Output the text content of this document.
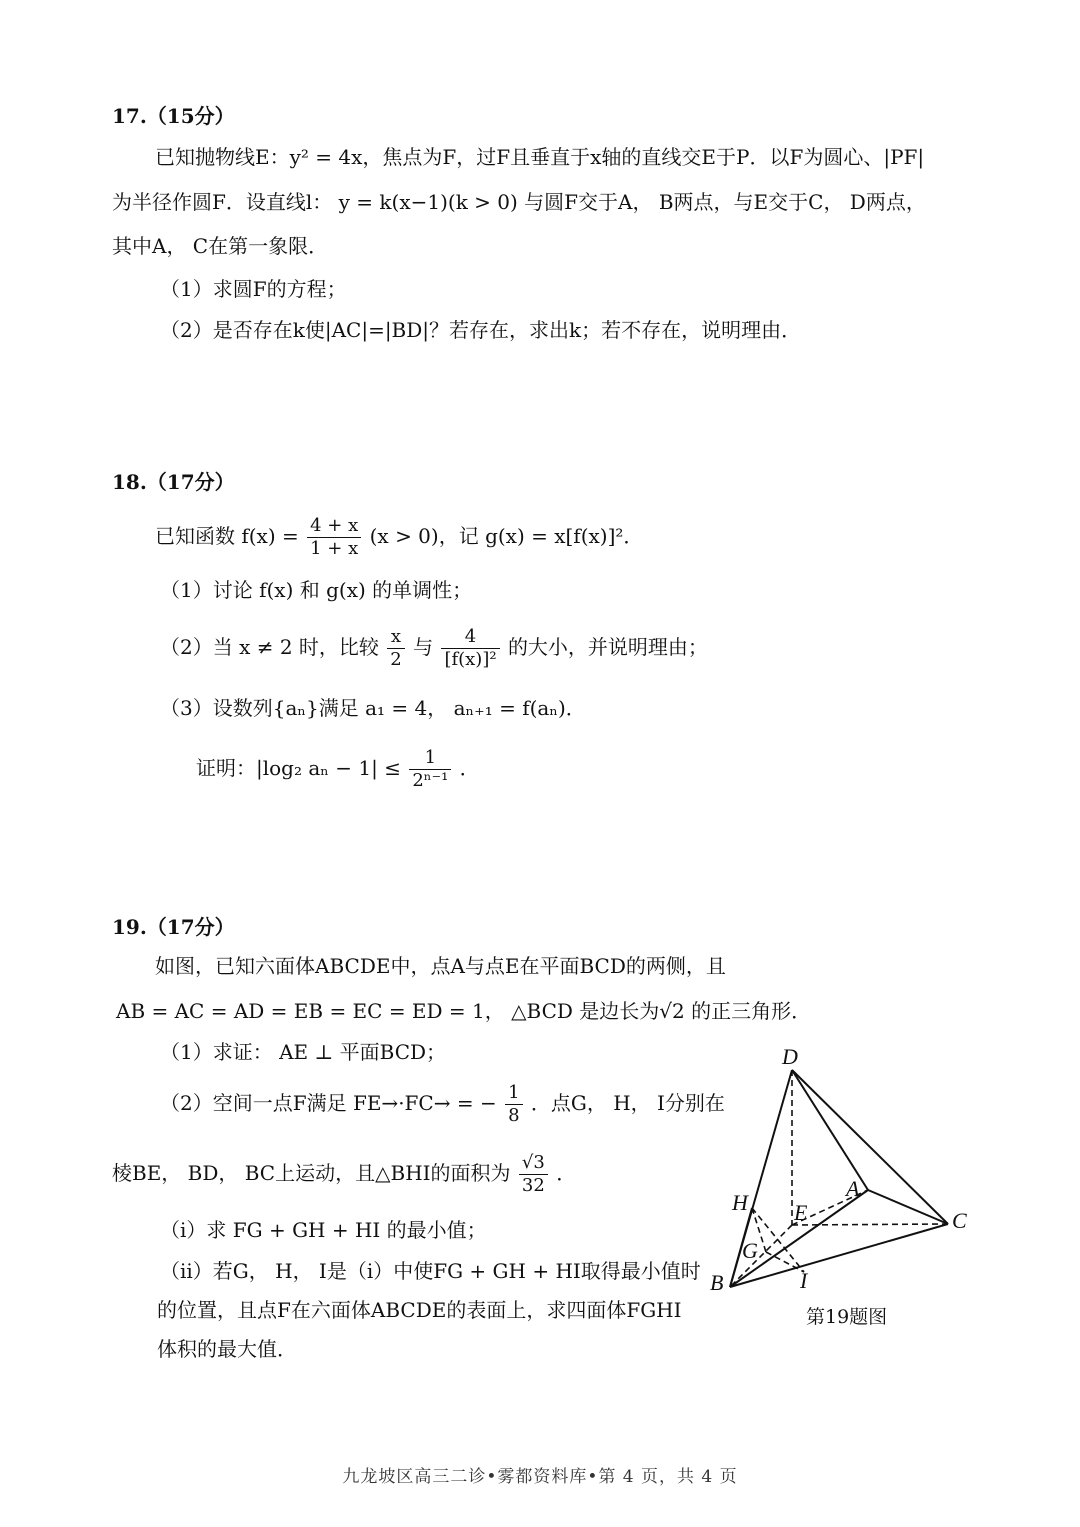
17.（15分）
已知抛物线E：y² = 4x，焦点为F，过F且垂直于x轴的直线交E于P．以F为圆心、|PF|
为半径作圆F．设直线l： y = k(x−1)(k > 0) 与圆F交于A， B两点，与E交于C， D两点，
其中A， C在第一象限．
（1）求圆F的方程；
（2）是否存在k使|AC|=|BD|？若存在，求出k；若不存在，说明理由．
18.（17分）
已知函数 $f(x) = \frac{4 + x}{1 + x} (x > 0)$，记 g(x) = x[f(x)]²．
（1）讨论 f(x) 和 g(x) 的单调性；
（2）当 x ≠ 2 时，比较 $\frac{x}{2}$ 与 $\frac{4}{\text{[f(x)]²}}$ 的大小，并说明理由；
（3）设数列{aₙ}满足 a₁ = 4， aₙ₊₁ = f(aₙ)．
证明：|log₂ $a_n - 1| \le \frac{1}{\text{2ⁿ⁻¹}}$ ．
19.（17分）
如图，已知六面体ABCDE中，点A与点E在平面BCD的两侧，且
AB = AC = AD = EB = EC = ED = 1， △BCD 是边长为√2 的正三角形．
（1）求证： AE ⊥ 平面BCD；
（2）空间一点F满足 FE→·FC→ = − $\frac{1}{8}$ ．点G， H， I分别在
棱BE， BD， BC上运动，且△BHI的面积为 $\frac{√3}{32}$ ．
（i）求 FG + GH + HI 的最小值；
（ii）若G， H， I是（i）中使FG + GH + HI取得最小值时
的位置，且点F在六面体ABCDE的表面上，求四面体FGHI
体积的最大值．
D
A
H E	C
G
B	I
第19题图
九龙坡区高三二诊•雾都资料库•第 4 页，共 4 页
